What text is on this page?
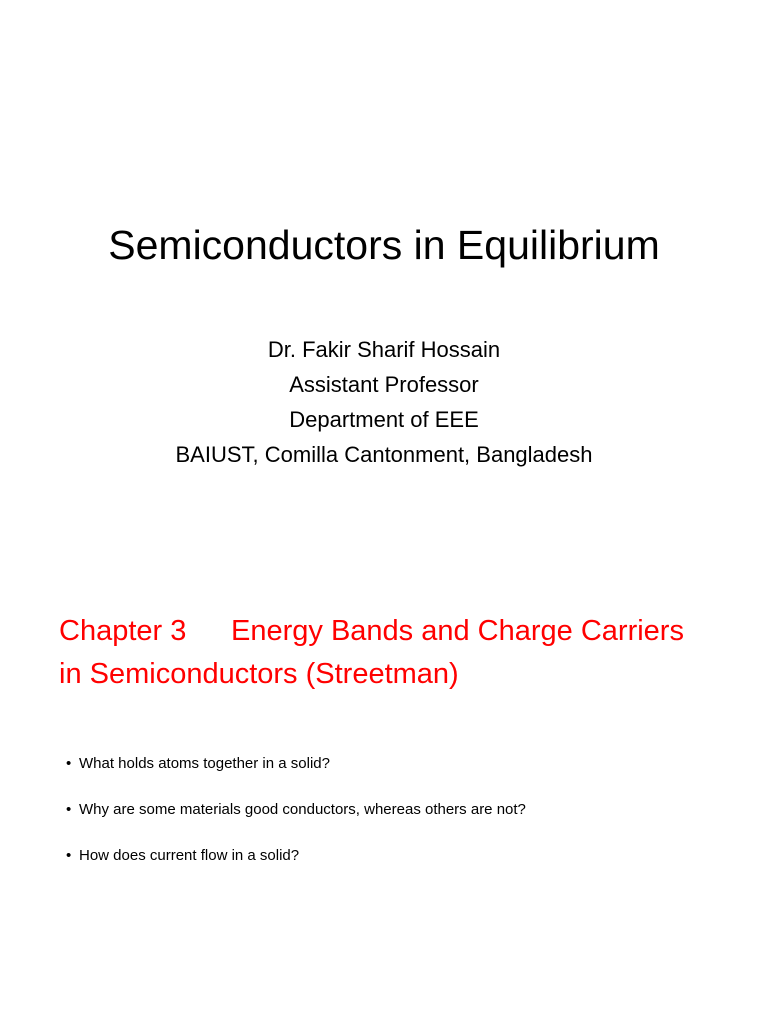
Semiconductors in Equilibrium
Dr. Fakir Sharif Hossain
Assistant Professor
Department of EEE
BAIUST, Comilla Cantonment, Bangladesh
Chapter 3 Energy Bands and Charge Carriers
in Semiconductors (Streetman)
• What holds atoms together in a solid?
• Why are some materials good conductors, whereas others are not?
• How does current flow in a solid?
